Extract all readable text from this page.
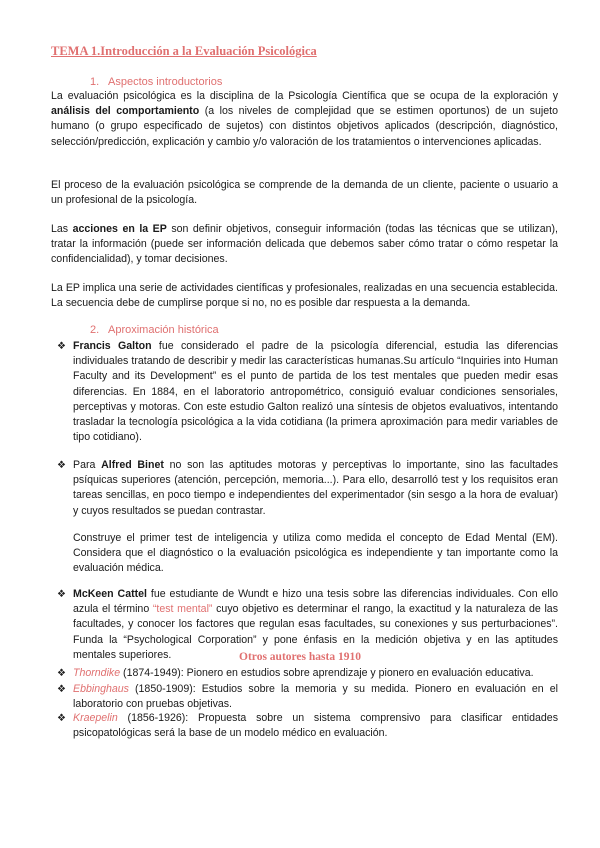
TEMA 1.Introducción a la Evaluación Psicológica
1. Aspectos introductorios
La evaluación psicológica es la disciplina de la Psicología Científica que se ocupa de la exploración y análisis del comportamiento (a los niveles de complejidad que se estimen oportunos) de un sujeto humano (o grupo especificado de sujetos) con distintos objetivos aplicados (descripción, diagnóstico, selección/predicción, explicación y cambio y/o valoración de los tratamientos o intervenciones aplicadas.
El proceso de la evaluación psicológica se comprende de la demanda de un cliente, paciente o usuario a un profesional de la psicología.
Las acciones en la EP son definir objetivos, conseguir información (todas las técnicas que se utilizan), tratar la información (puede ser información delicada que debemos saber cómo tratar o cómo respetar la confidencialidad), y tomar decisiones.
La EP implica una serie de actividades científicas y profesionales, realizadas en una secuencia establecida. La secuencia debe de cumplirse porque si no, no es posible dar respuesta a la demanda.
2. Aproximación histórica
❖ Francis Galton fue considerado el padre de la psicología diferencial, estudia las diferencias individuales tratando de describir y medir las características humanas.Su artículo “Inquiries into Human Faculty and its Development” es el punto de partida de los test mentales que pueden medir esas diferencias. En 1884, en el laboratorio antropométrico, consiguió evaluar condiciones sensoriales, perceptivas y motoras. Con este estudio Galton realizó una síntesis de objetos evaluativos, intentando trasladar la tecnología psicológica a la vida cotidiana (la primera aproximación para medir variables de tipo cotidiano).
❖ Para Alfred Binet no son las aptitudes motoras y perceptivas lo importante, sino las facultades psíquicas superiores (atención, percepción, memoria...). Para ello, desarrolló test y los requisitos eran tareas sencillas, en poco tiempo e independientes del experimentador (sin sesgo a la hora de evaluar) y cuyos resultados se puedan contrastar.
Construye el primer test de inteligencia y utiliza como medida el concepto de Edad Mental (EM). Considera que el diagnóstico o la evaluación psicológica es independiente y tan importante como la evaluación médica.
❖ McKeen Cattel fue estudiante de Wundt e hizo una tesis sobre las diferencias individuales. Con ello azula el término “test mental” cuyo objetivo es determinar el rango, la exactitud y la naturaleza de las facultades, y conocer los factores que regulan esas facultades, su conexiones y sus perturbaciones”. Funda la “Psychological Corporation” y pone énfasis en la medición objetiva y en las aptitudes mentales superiores.	Otros autores hasta 1910
❖ Thorndike (1874-1949): Pionero en estudios sobre aprendizaje y pionero en evaluación educativa.
❖ Ebbinghaus (1850-1909): Estudios sobre la memoria y su medida. Pionero en evaluación en el laboratorio con pruebas objetivas.
❖ Kraepelin (1856-1926): Propuesta sobre un sistema comprensivo para clasificar entidades psicopatológicas será la base de un modelo médico en evaluación.
